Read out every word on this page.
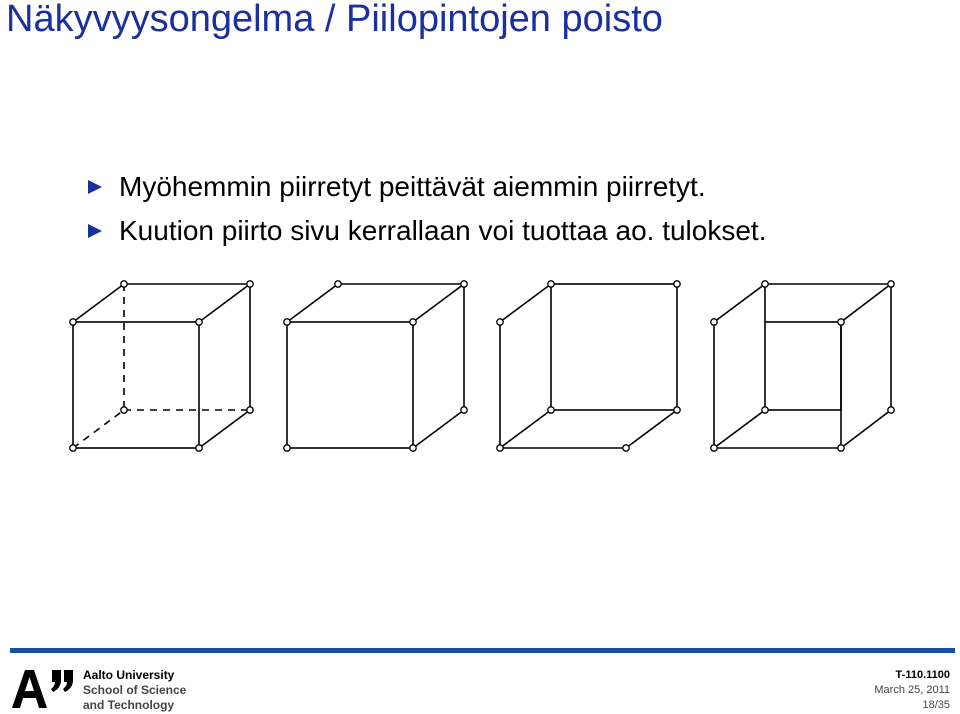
Näkyvyysongelma / Piilopintojen poisto
Myöhemmin piirretyt peittävät aiemmin piirretyt.
Kuution piirto sivu kerrallaan voi tuottaa ao. tulokset.
Aalto University
School of Science
and Technology
T-110.1100
March 25, 2011
18/35
